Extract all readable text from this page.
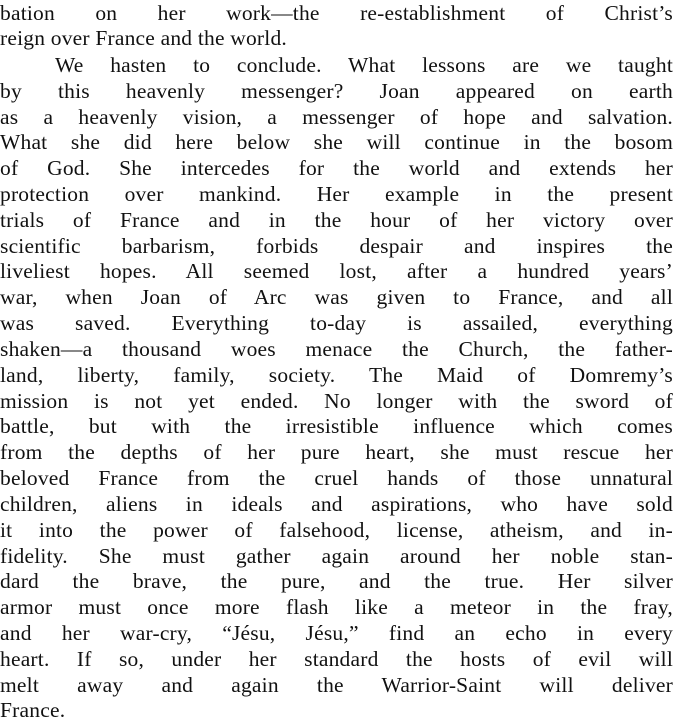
bation on her work—the re-establishment of Christ’s
reign over France and the world.
We hasten to conclude. What lessons are we taught
by this heavenly messenger? Joan appeared on earth
as a heavenly vision, a messenger of hope and salvation.
What she did here below she will continue in the bosom
of God. She intercedes for the world and extends her
protection over mankind. Her example in the present
trials of France and in the hour of her victory over
scientific barbarism, forbids despair and inspires the
liveliest hopes. All seemed lost, after a hundred years’
war, when Joan of Arc was given to France, and all
was saved. Everything to-day is assailed, everything
shaken—a thousand woes menace the Church, the father-
land, liberty, family, society. The Maid of Domremy’s
mission is not yet ended. No longer with the sword of
battle, but with the irresistible influence which comes
from the depths of her pure heart, she must rescue her
beloved France from the cruel hands of those unnatural
children, aliens in ideals and aspirations, who have sold
it into the power of falsehood, license, atheism, and in-
fidelity. She must gather again around her noble stan-
dard the brave, the pure, and the true. Her silver
armor must once more flash like a meteor in the fray,
and her war-cry, “Jésu, Jésu,” find an echo in every
heart. If so, under her standard the hosts of evil will
melt away and again the Warrior-Saint will deliver
France.
